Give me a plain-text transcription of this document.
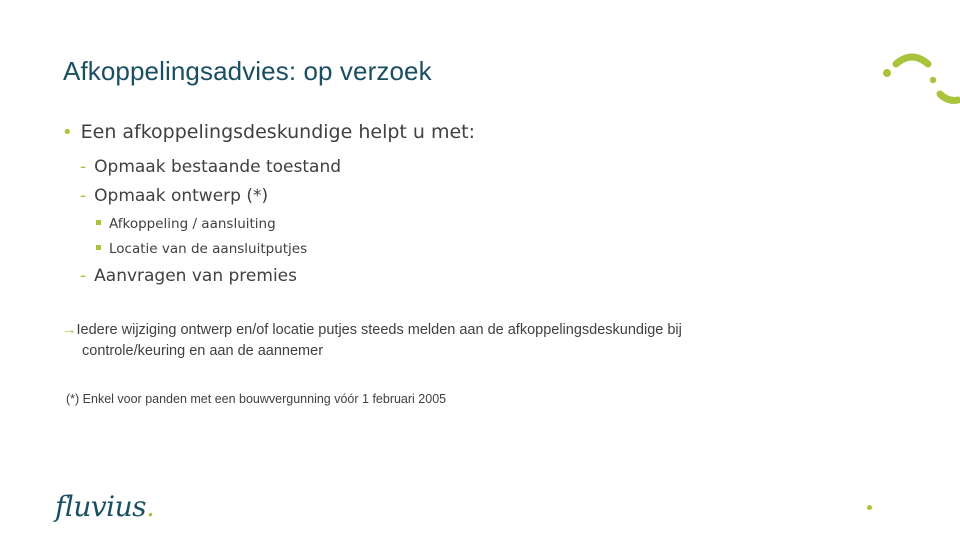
Afkoppelingsadvies: op verzoek
• Een afkoppelingsdeskundige helpt u met:
- Opmaak bestaande toestand
- Opmaak ontwerp (*)
Afkoppeling / aansluiting
Locatie van de aansluitputjes
- Aanvragen van premies
→Iedere wijziging ontwerp en/of locatie putjes steeds melden aan de afkoppelingsdeskundige bij
controle/keuring en aan de aannemer
(*) Enkel voor panden met een bouwvergunning vóór 1 februari 2005
fluvius.
